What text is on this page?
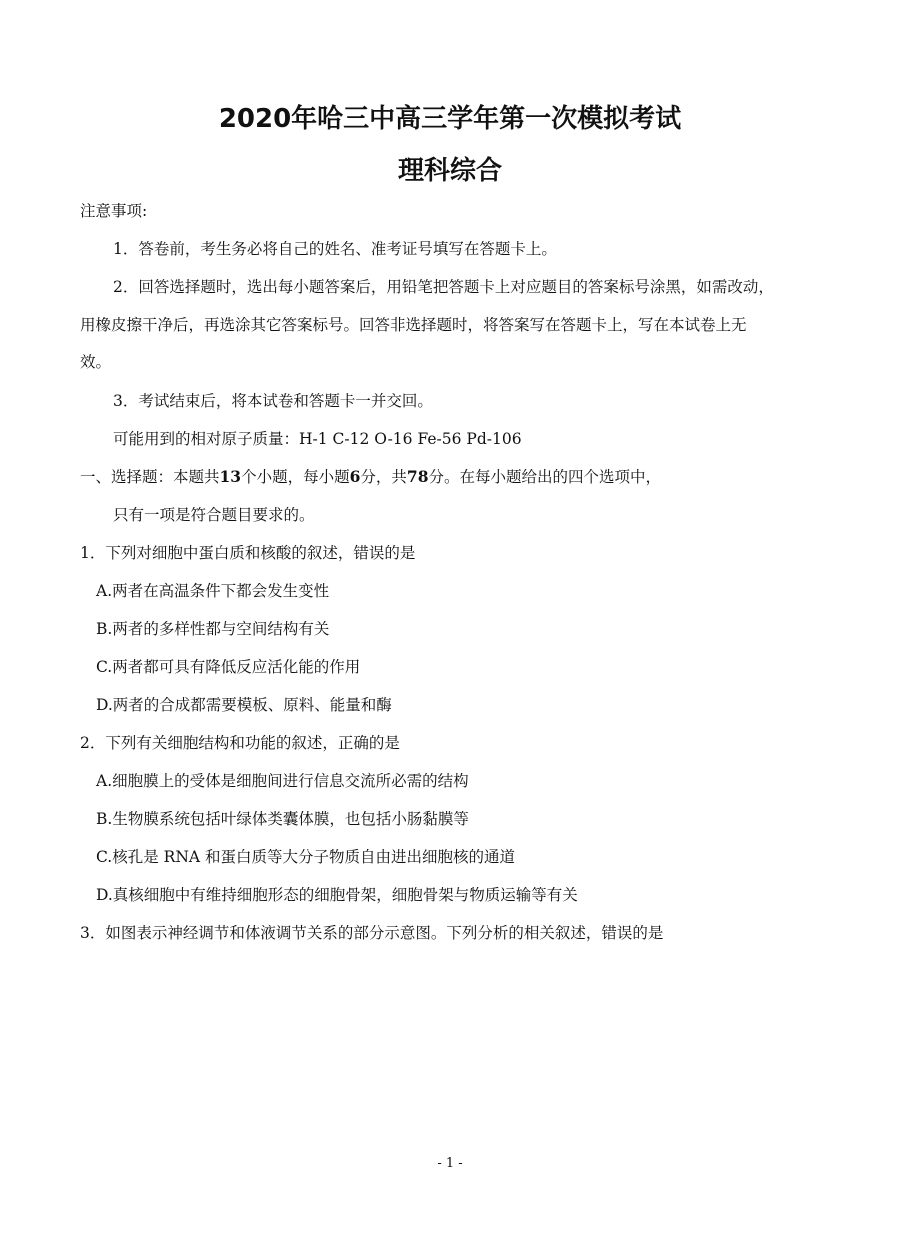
2020年哈三中高三学年第一次模拟考试
理科综合
注意事项:
1．答卷前，考生务必将自己的姓名、准考证号填写在答题卡上。
2．回答选择题时，选出每小题答案后，用铅笔把答题卡上对应题目的答案标号涂黑，如需改动，
用橡皮擦干净后，再选涂其它答案标号。回答非选择题时，将答案写在答题卡上，写在本试卷上无
效。
3．考试结束后，将本试卷和答题卡一并交回。
可能用到的相对原子质量：H-1 C-12 O-16 Fe-56 Pd-106
一、选择题：本题共13个小题，每小题6分，共78分。在每小题给出的四个选项中，
只有一项是符合题目要求的。
1．下列对细胞中蛋白质和核酸的叙述，错误的是
A.两者在高温条件下都会发生变性
B.两者的多样性都与空间结构有关
C.两者都可具有降低反应活化能的作用
D.两者的合成都需要模板、原料、能量和酶
2．下列有关细胞结构和功能的叙述，正确的是
A.细胞膜上的受体是细胞间进行信息交流所必需的结构
B.生物膜系统包括叶绿体类囊体膜，也包括小肠黏膜等
C.核孔是 RNA 和蛋白质等大分子物质自由进出细胞核的通道
D.真核细胞中有维持细胞形态的细胞骨架，细胞骨架与物质运输等有关
3．如图表示神经调节和体液调节关系的部分示意图。下列分析的相关叙述，错误的是
- 1 -
